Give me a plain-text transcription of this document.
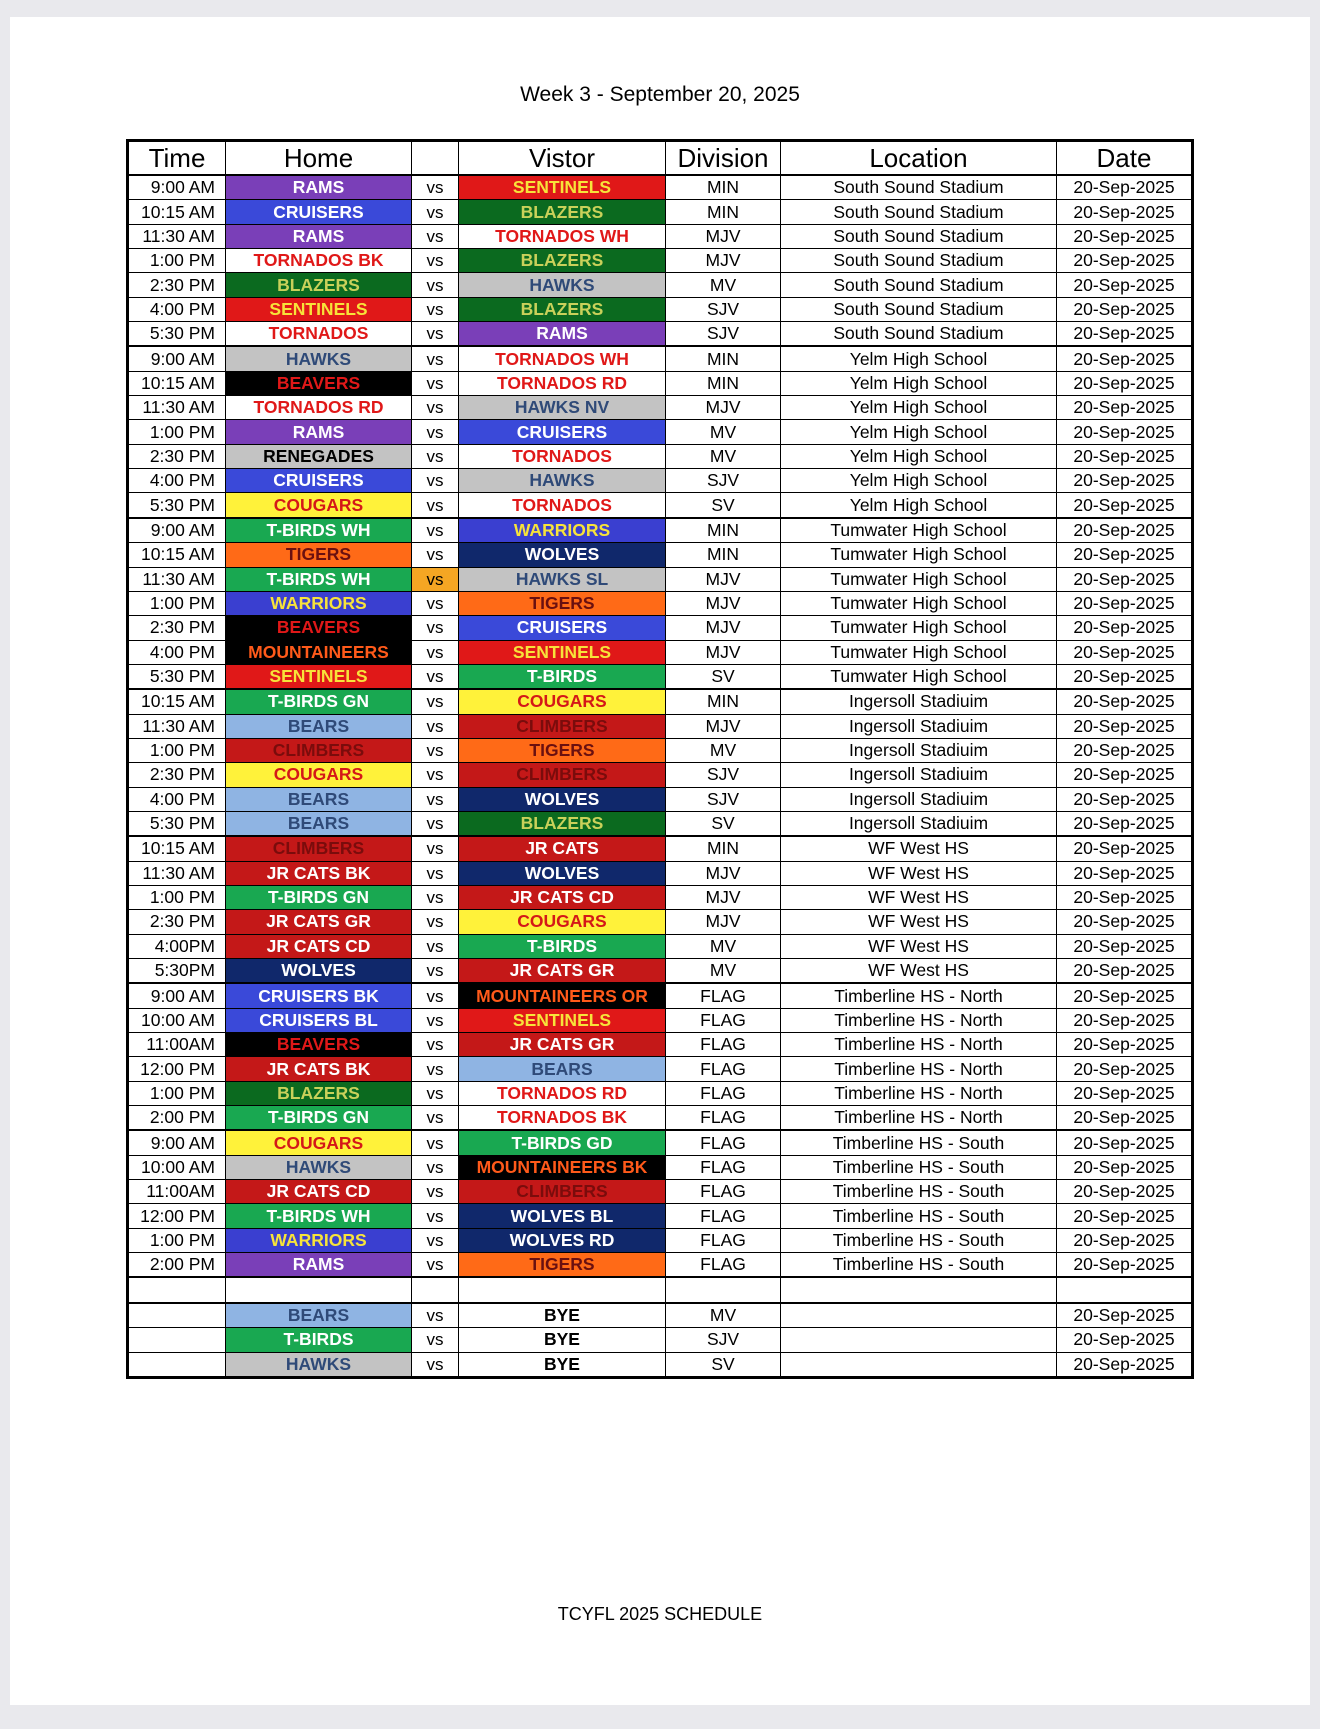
Week 3 - September 20, 2025
Time	Home		Vistor	Division	Location	Date
9:00 AM	RAMS	vs	SENTINELS	MIN	South Sound Stadium	20-Sep-2025
10:15 AM	CRUISERS	vs	BLAZERS	MIN	South Sound Stadium	20-Sep-2025
11:30 AM	RAMS	vs	TORNADOS WH	MJV	South Sound Stadium	20-Sep-2025
1:00 PM	TORNADOS BK	vs	BLAZERS	MJV	South Sound Stadium	20-Sep-2025
2:30 PM	BLAZERS	vs	HAWKS	MV	South Sound Stadium	20-Sep-2025
4:00 PM	SENTINELS	vs	BLAZERS	SJV	South Sound Stadium	20-Sep-2025
5:30 PM	TORNADOS	vs	RAMS	SJV	South Sound Stadium	20-Sep-2025
9:00 AM	HAWKS	vs	TORNADOS WH	MIN	Yelm High School	20-Sep-2025
10:15 AM	BEAVERS	vs	TORNADOS RD	MIN	Yelm High School	20-Sep-2025
11:30 AM	TORNADOS RD	vs	HAWKS NV	MJV	Yelm High School	20-Sep-2025
1:00 PM	RAMS	vs	CRUISERS	MV	Yelm High School	20-Sep-2025
2:30 PM	RENEGADES	vs	TORNADOS	MV	Yelm High School	20-Sep-2025
4:00 PM	CRUISERS	vs	HAWKS	SJV	Yelm High School	20-Sep-2025
5:30 PM	COUGARS	vs	TORNADOS	SV	Yelm High School	20-Sep-2025
9:00 AM	T-BIRDS WH	vs	WARRIORS	MIN	Tumwater High School	20-Sep-2025
10:15 AM	TIGERS	vs	WOLVES	MIN	Tumwater High School	20-Sep-2025
11:30 AM	T-BIRDS WH	vs	HAWKS SL	MJV	Tumwater High School	20-Sep-2025
1:00 PM	WARRIORS	vs	TIGERS	MJV	Tumwater High School	20-Sep-2025
2:30 PM	BEAVERS	vs	CRUISERS	MJV	Tumwater High School	20-Sep-2025
4:00 PM	MOUNTAINEERS	vs	SENTINELS	MJV	Tumwater High School	20-Sep-2025
5:30 PM	SENTINELS	vs	T-BIRDS	SV	Tumwater High School	20-Sep-2025
10:15 AM	T-BIRDS GN	vs	COUGARS	MIN	Ingersoll Stadiuim	20-Sep-2025
11:30 AM	BEARS	vs	CLIMBERS	MJV	Ingersoll Stadiuim	20-Sep-2025
1:00 PM	CLIMBERS	vs	TIGERS	MV	Ingersoll Stadiuim	20-Sep-2025
2:30 PM	COUGARS	vs	CLIMBERS	SJV	Ingersoll Stadiuim	20-Sep-2025
4:00 PM	BEARS	vs	WOLVES	SJV	Ingersoll Stadiuim	20-Sep-2025
5:30 PM	BEARS	vs	BLAZERS	SV	Ingersoll Stadiuim	20-Sep-2025
10:15 AM	CLIMBERS	vs	JR CATS	MIN	WF West HS	20-Sep-2025
11:30 AM	JR CATS BK	vs	WOLVES	MJV	WF West HS	20-Sep-2025
1:00 PM	T-BIRDS GN	vs	JR CATS CD	MJV	WF West HS	20-Sep-2025
2:30 PM	JR CATS GR	vs	COUGARS	MJV	WF West HS	20-Sep-2025
4:00PM	JR CATS CD	vs	T-BIRDS	MV	WF West HS	20-Sep-2025
5:30PM	WOLVES	vs	JR CATS GR	MV	WF West HS	20-Sep-2025
9:00 AM	CRUISERS BK	vs	MOUNTAINEERS OR	FLAG	Timberline HS - North	20-Sep-2025
10:00 AM	CRUISERS BL	vs	SENTINELS	FLAG	Timberline HS - North	20-Sep-2025
11:00AM	BEAVERS	vs	JR CATS GR	FLAG	Timberline HS - North	20-Sep-2025
12:00 PM	JR CATS BK	vs	BEARS	FLAG	Timberline HS - North	20-Sep-2025
1:00 PM	BLAZERS	vs	TORNADOS RD	FLAG	Timberline HS - North	20-Sep-2025
2:00 PM	T-BIRDS GN	vs	TORNADOS BK	FLAG	Timberline HS - North	20-Sep-2025
9:00 AM	COUGARS	vs	T-BIRDS GD	FLAG	Timberline HS - South	20-Sep-2025
10:00 AM	HAWKS	vs	MOUNTAINEERS BK	FLAG	Timberline HS - South	20-Sep-2025
11:00AM	JR CATS CD	vs	CLIMBERS	FLAG	Timberline HS - South	20-Sep-2025
12:00 PM	T-BIRDS WH	vs	WOLVES BL	FLAG	Timberline HS - South	20-Sep-2025
1:00 PM	WARRIORS	vs	WOLVES RD	FLAG	Timberline HS - South	20-Sep-2025
2:00 PM	RAMS	vs	TIGERS	FLAG	Timberline HS - South	20-Sep-2025

	BEARS	vs	BYE	MV		20-Sep-2025
	T-BIRDS	vs	BYE	SJV		20-Sep-2025
	HAWKS	vs	BYE	SV		20-Sep-2025
TCYFL 2025 SCHEDULE
